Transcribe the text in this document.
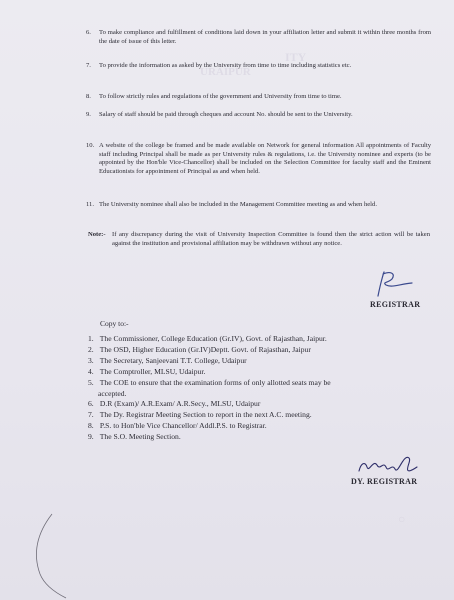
ITY
URAIPUR
○
6.	To make compliance and fulfillment of conditions laid down in your affiliation letter and submit it within three months from the date of issue of this letter.
7.	To provide the information as asked by the University from time to time including statistics etc.
8.	To follow strictly rules and regulations of the government and University from time to time.
9.	Salary of staff should be paid through cheques and account No. should be sent to the University.
10. A website of the college be framed and be made available on Network for general information All appointments of Faculty staff including Principal shall be made as per University rules & regulations, i.e. the University nominee and experts (to be appointed by the Hon'ble Vice-Chancellor) shall be included on the Selection Committee for faculty staff and the Eminent Educationists for appointment of Principal as and when held.
11. The University nominee shall also be included in the Management Committee meeting as and when held.
Note:- If any discrepancy during the visit of University Inspection Committee is found then the strict action will be taken against the institution and provisional affiliation may be withdrawn without any notice.
REGISTRAR
Copy to:-
1. The Commissioner, College Education (Gr.IV), Govt. of Rajasthan, Jaipur.
2. The OSD, Higher Education (Gr.IV)Deptt. Govt. of Rajasthan, Jaipur
3. The Secretary, Sanjeevani T.T. College, Udaipur
4. The Comptroller, MLSU, Udaipur.
5. The COE to ensure that the examination forms of only allotted seats may be
accepted.
6. D.R (Exam)/ A.R.Exam/ A.R.Secy., MLSU, Udaipur
7. The Dy. Registrar Meeting Section to report in the next A.C. meeting.
8. P.S. to Hon'ble Vice Chancellor/ Addl.P.S. to Registrar.
9. The S.O. Meeting Section.
DY. REGISTRAR
